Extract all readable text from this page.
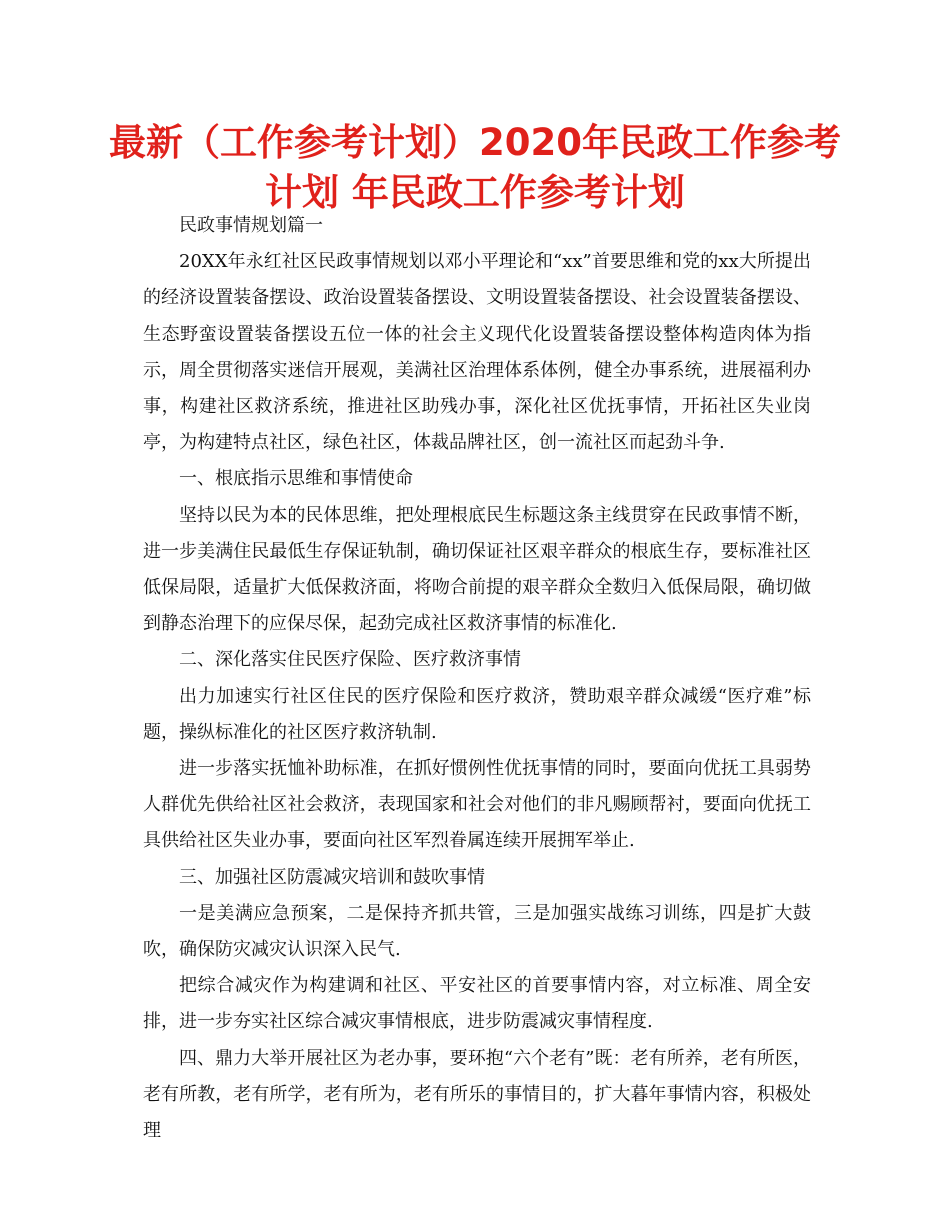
最新（工作参考计划）2020年民政工作参考计划 年民政工作参考计划

民政事情规划篇一

20XX年永红社区民政事情规划以邓小平理论和“xx”首要思维和党的xx大所提出的经济设置装备摆设、政治设置装备摆设、文明设置装备摆设、社会设置装备摆设、生态野蛮设置装备摆设五位一体的社会主义现代化设置装备摆设整体构造肉体为指示，周全贯彻落实迷信开展观，美满社区治理体系体例，健全办事系统，进展福利办事，构建社区救济系统，推进社区助残办事，深化社区优抚事情，开拓社区失业岗亭，为构建特点社区，绿色社区，体裁品牌社区，创一流社区而起劲斗争.

一、根底指示思维和事情使命

坚持以民为本的民体思维，把处理根底民生标题这条主线贯穿在民政事情不断，进一步美满住民最低生存保证轨制，确切保证社区艰辛群众的根底生存，要标准社区低保局限，适量扩大低保救济面，将吻合前提的艰辛群众全数归入低保局限，确切做到静态治理下的应保尽保，起劲完成社区救济事情的标准化.

二、深化落实住民医疗保险、医疗救济事情

出力加速实行社区住民的医疗保险和医疗救济，赞助艰辛群众减缓“医疗难”标题，操纵标准化的社区医疗救济轨制.

进一步落实抚恤补助标准，在抓好惯例性优抚事情的同时，要面向优抚工具弱势人群优先供给社区社会救济，表现国家和社会对他们的非凡赐顾帮衬，要面向优抚工具供给社区失业办事，要面向社区军烈眷属连续开展拥军举止.

三、加强社区防震减灾培训和鼓吹事情

一是美满应急预案，二是保持齐抓共管，三是加强实战练习训练，四是扩大鼓吹，确保防灾减灾认识深入民气.

把综合减灾作为构建调和社区、平安社区的首要事情内容，对立标准、周全安排，进一步夯实社区综合减灾事情根底，进步防震减灾事情程度.

四、鼎力大举开展社区为老办事，要环抱“六个老有”既：老有所养，老有所医，老有所教，老有所学，老有所为，老有所乐的事情目的，扩大暮年事情内容，积极处理
